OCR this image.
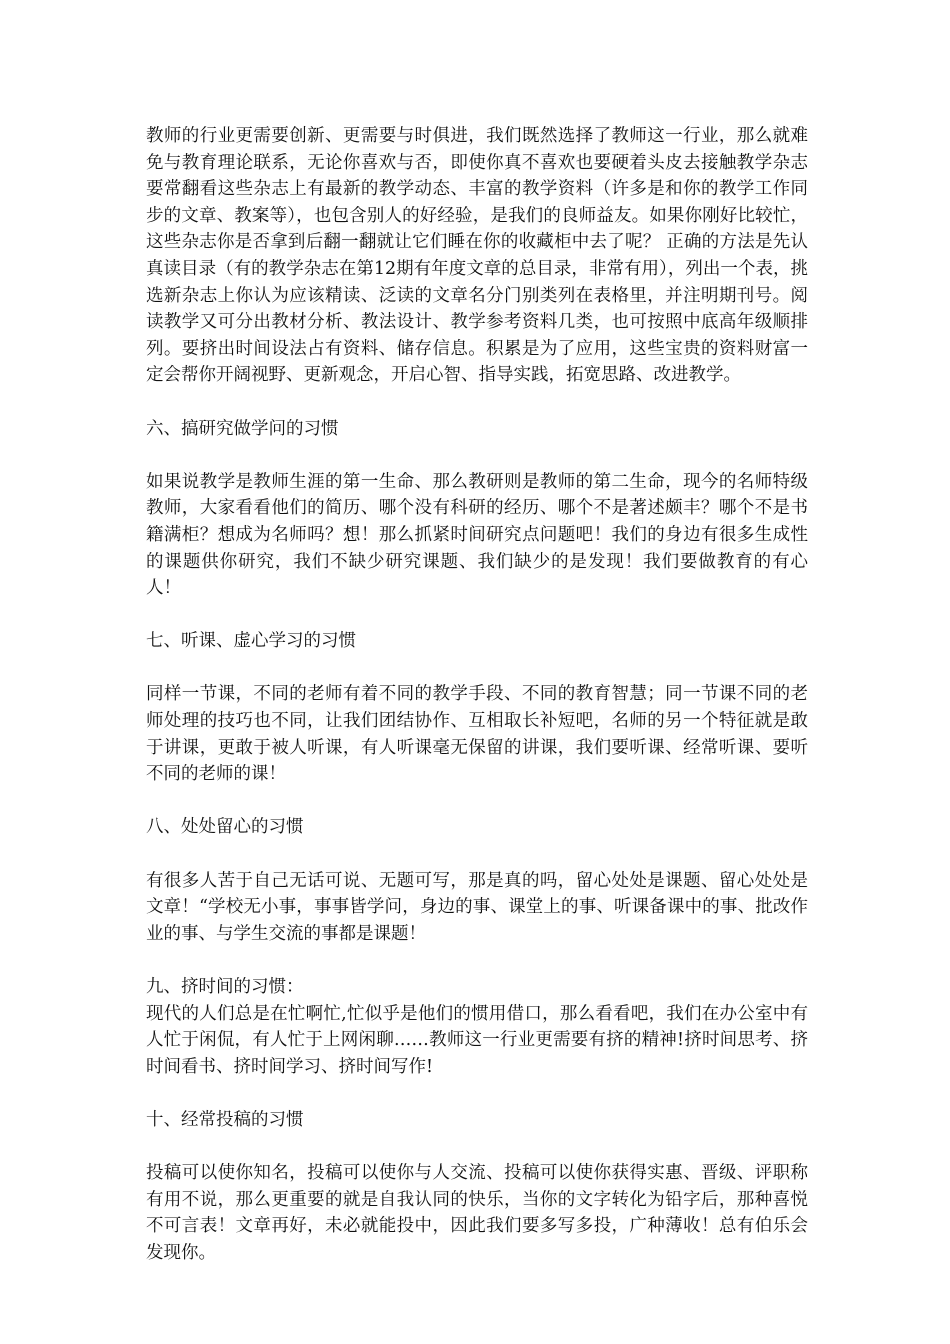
教师的行业更需要创新、更需要与时俱进，我们既然选择了教师这一行业，那么就难免与教育理论联系，无论你喜欢与否，即使你真不喜欢也要硬着头皮去接触教学杂志要常翻看这些杂志上有最新的教学动态、丰富的教学资料（许多是和你的教学工作同步的文章、教案等），也包含别人的好经验，是我们的良师益友。如果你刚好比较忙，这些杂志你是否拿到后翻一翻就让它们睡在你的收藏柜中去了呢？ 正确的方法是先认真读目录（有的教学杂志在第12期有年度文章的总目录，非常有用），列出一个表，挑选新杂志上你认为应该精读、泛读的文章名分门别类列在表格里，并注明期刊号。阅读教学又可分出教材分析、教法设计、教学参考资料几类，也可按照中底高年级顺排列。要挤出时间设法占有资料、储存信息。积累是为了应用，这些宝贵的资料财富一定会帮你开阔视野、更新观念，开启心智、指导实践，拓宽思路、改进教学。

六、搞研究做学问的习惯

如果说教学是教师生涯的第一生命、那么教研则是教师的第二生命，现今的名师特级教师，大家看看他们的简历、哪个没有科研的经历、哪个不是著述颇丰？哪个不是书籍满柜？想成为名师吗？想！那么抓紧时间研究点问题吧！我们的身边有很多生成性的课题供你研究，我们不缺少研究课题、我们缺少的是发现！我们要做教育的有心人！

七、听课、虚心学习的习惯

同样一节课，不同的老师有着不同的教学手段、不同的教育智慧；同一节课不同的老师处理的技巧也不同，让我们团结协作、互相取长补短吧，名师的另一个特征就是敢于讲课，更敢于被人听课，有人听课毫无保留的讲课，我们要听课、经常听课、要听不同的老师的课！

八、处处留心的习惯

有很多人苦于自己无话可说、无题可写，那是真的吗，留心处处是课题、留心处处是文章！“学校无小事，事事皆学问，身边的事、课堂上的事、听课备课中的事、批改作业的事、与学生交流的事都是课题！

九、挤时间的习惯：

现代的人们总是在忙啊忙,忙似乎是他们的惯用借口，那么看看吧，我们在办公室中有人忙于闲侃，有人忙于上网闲聊……教师这一行业更需要有挤的精神!挤时间思考、挤时间看书、挤时间学习、挤时间写作!

十、经常投稿的习惯

投稿可以使你知名，投稿可以使你与人交流、投稿可以使你获得实惠、晋级、评职称有用不说，那么更重要的就是自我认同的快乐，当你的文字转化为铅字后，那种喜悦不可言表！文章再好，未必就能投中，因此我们要多写多投，广种薄收！总有伯乐会发现你。
